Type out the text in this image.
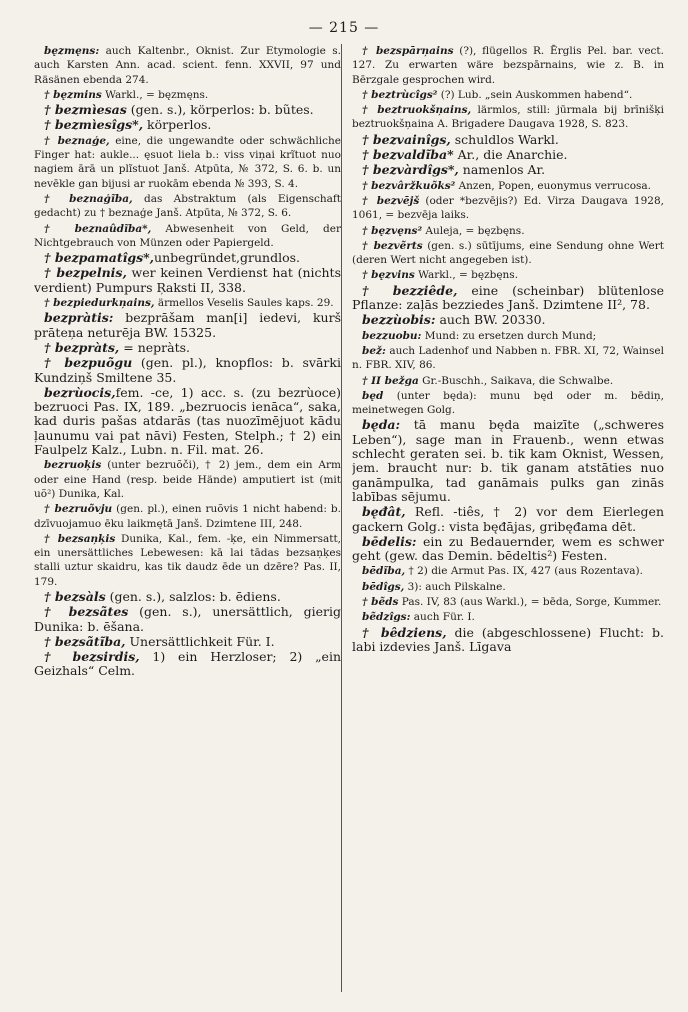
— 215 —

bęzmęns: auch Kaltenbr., Oknist. Zur Etymologie s. auch Karsten Ann. acad. scient. fenn. XXVII, 97 und Räsänen ebenda 274.

† bęzmins Warkl., = bęzmęns.

† bezmìesas (gen. s.), körperlos: b. bũtes.

† bezmìesîgs*, körperlos.

† beznaģe, eine, die ungewandte oder schwächliche Finger hat: aukle... ęsuot liela b.: viss viņai krĩtuot nuo nagiem ārā un plĩstuot Janš. Atpūta, № 372, S. 6. b. un nevēkle gan bijusi ar ruokām ebenda № 393, S. 4.

† beznaģĩba, das Abstraktum (als Eigenschaft gedacht) zu † beznaģe Janš. Atpūta, № 372, S. 6.

† beznaûdĩba*, Abwesenheit von Geld, der Nichtgebrauch von Münzen oder Papiergeld.

† bezpamatîgs*,unbegründet,grundlos.

† bezpelnis, wer keinen Verdienst hat (nichts verdient) Pumpurs Ŗaksti II, 338.

† bezpiedurkņains, ärmellos Veselis Saules kaps. 29.

bezpràtis: bezprāšam man[i] iedevi, kurš prāteņa neturēja BW. 15325.

† bezpràts, = nepràts.

† bezpuõgu (gen. pl.), knopflos: b. svārki Kundziņš Smiltene 35.

bezrùocis,fem. -ce, 1) acc. s. (zu bezrùoce) bezruoci Pas. IX, 189. „bezruocis ienāca“, saka, kad duris pašas atdarās (tas nuozīmējuot kādu ļaunumu vai pat nāvi) Festen, Stelph.; † 2) ein Faulpelz Kalz., Lubn. n. Fil. mat. 26.

bezruoķis (unter bezruõči), † 2) jem., dem ein Arm oder eine Hand (resp. beide Hände) amputiert ist (mit uõ²) Dunika, Kal.

† bezruõvju (gen. pl.), einen ruõvis 1 nicht habend: b. dzīvuojamuo ēku laikmętā Janš. Dzimtene III, 248.

† bezsaņķis Dunika, Kal., fem. -ķe, ein Nimmersatt, ein unersättliches Lebewesen: kā lai tādas bezsaņķes stalli uztur skaidru, kas tik daudz ēde un dzēre? Pas. II, 179.

† bezsàls (gen. s.), salzlos: b. ēdiens.

† bezsãtes (gen. s.), unersättlich, gierig Dunika: b. ēšana.

† bezsãtĩba, Unersättlichkeit Für. I.

† bezsirdis, 1) ein Herzloser; 2) „ein Geizhals“ Celm.

† bezspārņains (?), flügellos R. Ērglis Pel. bar. vect. 127. Zu erwarten wäre bezspārnains, wie z. B. in Bērzgale gesprochen wird.

† beztrùcîgs² (?) Lub. „sein Auskommen habend“.

† beztruokšņains, lärmlos, still: jūrmala bij brīnišķi beztruokšņaina A. Brigadere Daugava 1928, S. 823.

† bezvainîgs, schuldlos Warkl.

† bezvaldĩba* Ar., die Anarchie.

† bezvàrdîgs*, namenlos Ar.

† bezvâržkuõks² Anzen, Popen, euonymus verrucosa.

† bezvējš (oder *bezvējis?) Ed. Virza Daugava 1928, 1061, = bezvēja laiks.

† bęzvęns² Auleja, = bęzbęns.

† bezvẽrts (gen. s.) sūtījums, eine Sendung ohne Wert (deren Wert nicht angegeben ist).

† bęzvins Warkl., = bęzbęns.

† bezziêde, eine (scheinbar) blütenlose Pflanze: zaļās bezziedes Janš. Dzimtene II², 78.

bezzùobis: auch BW. 20330.

bezzuobu: Mund: zu ersetzen durch Mund;

bež: auch Ladenhof und Nabben n. FBR. XI, 72, Wainsel n. FBR. XIV, 86.

† II bežga Gr.-Buschh., Saikava, die Schwalbe.

będ (unter będa): munu będ oder m. bēdiņ, meinetwegen Golg.

będa: tā manu będa maizīte („schweres Leben“), sage man in Frauenb., wenn etwas schlecht geraten sei. b. tik kam Oknist, Wessen, jem. braucht nur: b. tik ganam atstāties nuo ganāmpulka, tad ganāmais pulks gan zinās labības sējumu.

bęđât, Refl. -tiês, † 2) vor dem Eierlegen gackern Golg.: vista bęđājas, gribęđama dēt.

bēdelis: ein zu Bedauernder, wem es schwer geht (gew. das Demin. bēdeltis²) Festen.

bēdĩba, † 2) die Armut Pas. IX, 427 (aus Rozentava).

bēdîgs, 3): auch Pilskalne.

† bẽds Pas. IV, 83 (aus Warkl.), = bēda, Sorge, Kummer.

bẽdzîgs: auch Für. I.

† bêdziens, die (abgeschlossene) Flucht: b. labi izdevies Janš. Līgava
